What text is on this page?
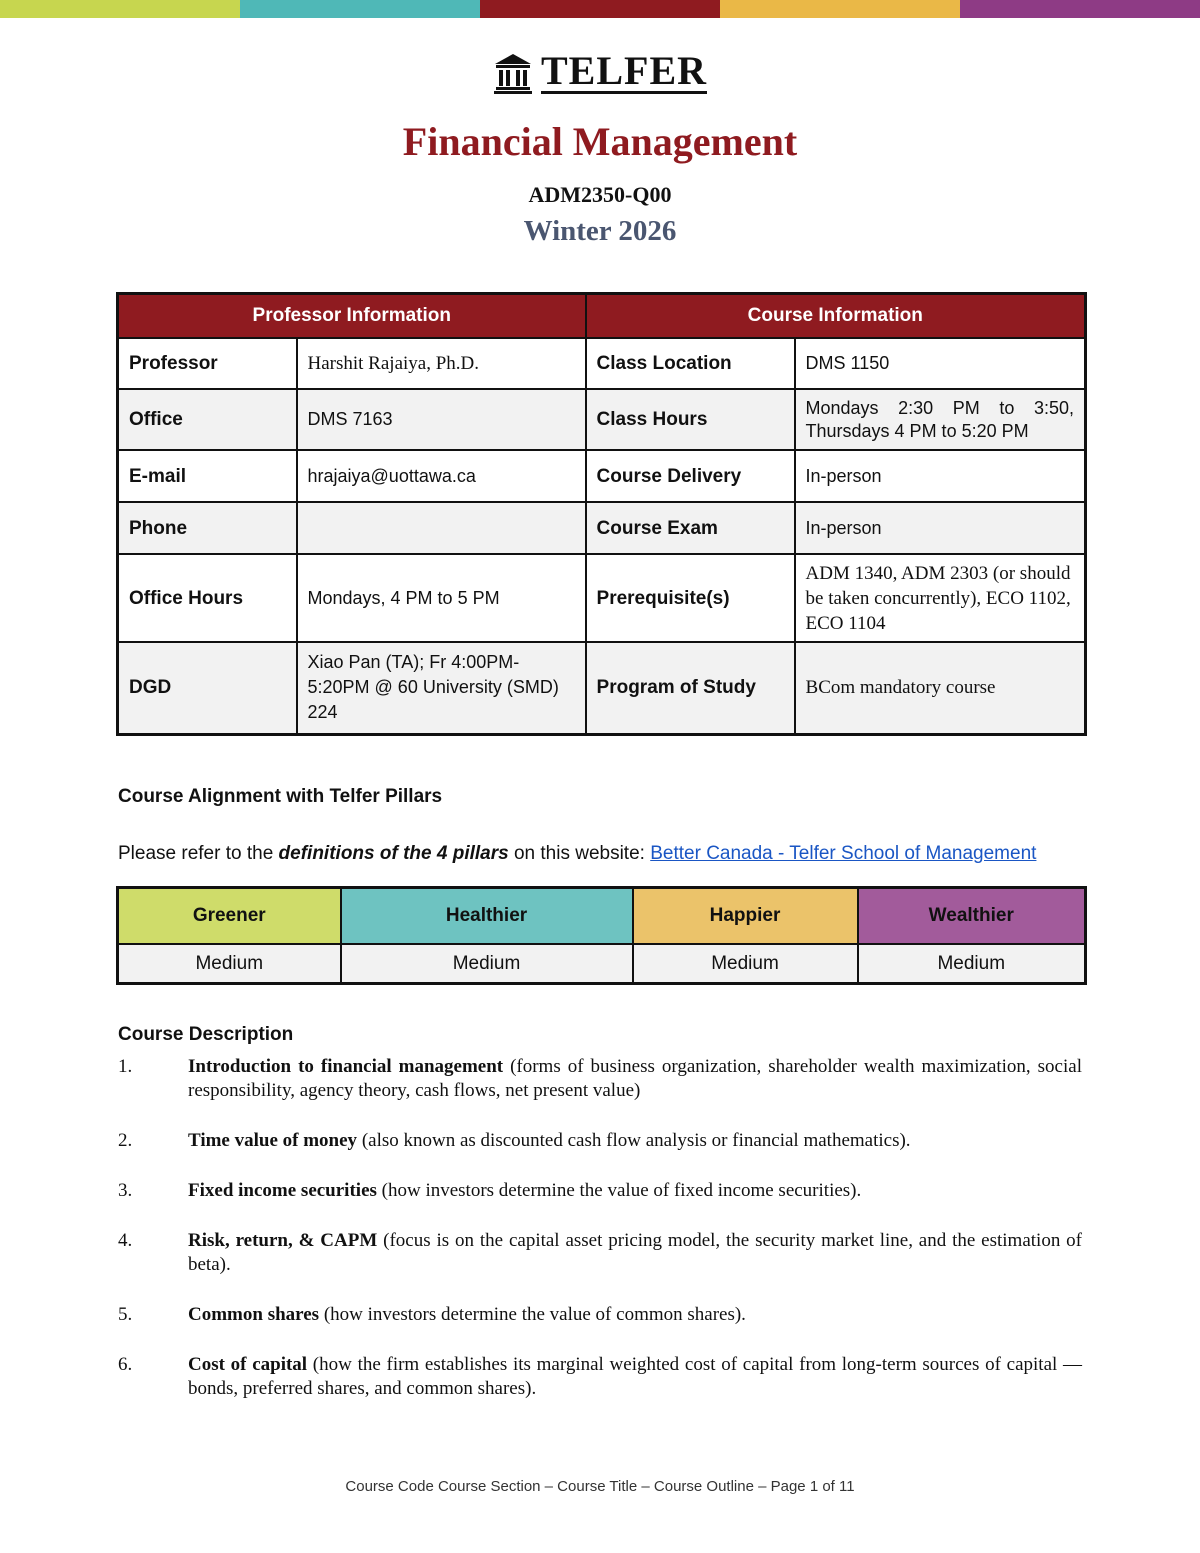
TELFER
Financial Management
ADM2350-Q00
Winter 2026
Professor Information		Course Information	
Professor	Harshit Rajaiya, Ph.D.	Class Location	DMS 1150
Office	DMS 7163	Class Hours	Mondays 2:30 PM to 3:50, Thursdays 4 PM to 5:20 PM
E-mail	hrajaiya@uottawa.ca	Course Delivery	In-person
Phone		Course Exam	In-person
Office Hours	Mondays, 4 PM to 5 PM	Prerequisite(s)	ADM 1340, ADM 2303 (or should be taken concurrently), ECO 1102, ECO 1104
DGD	Xiao Pan (TA); Fr 4:00PM-5:20PM @ 60 University (SMD) 224	Program of Study	BCom mandatory course
Course Alignment with Telfer Pillars
Please refer to the definitions of the 4 pillars on this website: Better Canada - Telfer School of Management
Greener	Healthier	Happier	Wealthier
Medium	Medium	Medium	Medium
Course Description
1.	Introduction to financial management (forms of business organization, shareholder wealth maximization, social responsibility, agency theory, cash flows, net present value)
2.	Time value of money (also known as discounted cash flow analysis or financial mathematics).
3.	Fixed income securities (how investors determine the value of fixed income securities).
4.	Risk, return, & CAPM (focus is on the capital asset pricing model, the security market line, and the estimation of beta).
5.	Common shares (how investors determine the value of common shares).
6.	Cost of capital (how the firm establishes its marginal weighted cost of capital from long-term sources of capital — bonds, preferred shares, and common shares).
Course Code Course Section – Course Title – Course Outline – Page 1 of 11
